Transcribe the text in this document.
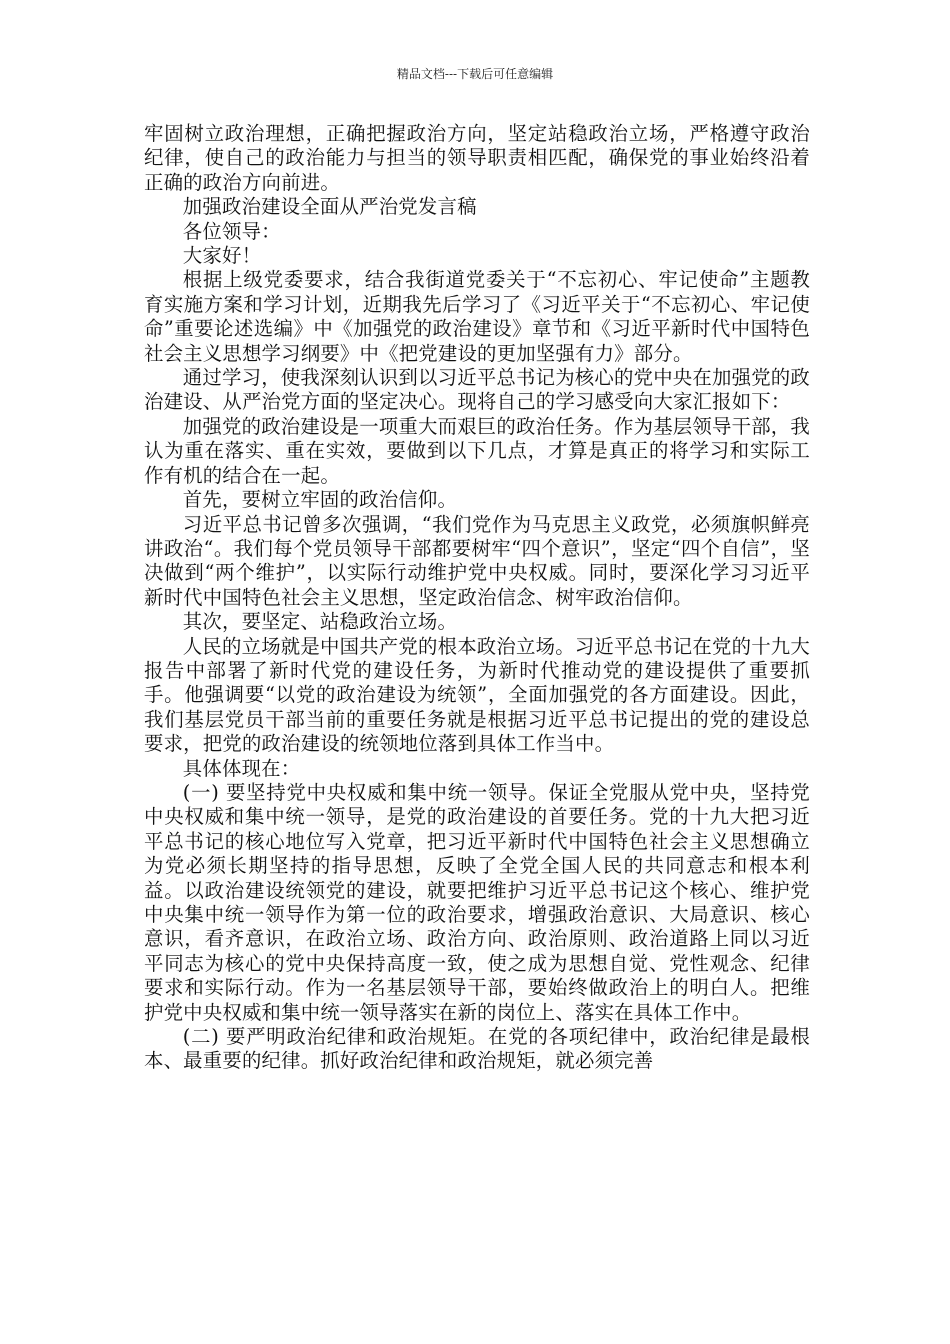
精品文档---下载后可任意编辑

牢固树立政治理想，正确把握政治方向，坚定站稳政治立场，严格遵守政治纪律，使自己的政治能力与担当的领导职责相匹配，确保党的事业始终沿着正确的政治方向前进。

加强政治建设全面从严治党发言稿

各位领导：

大家好！

根据上级党委要求，结合我街道党委关于“不忘初心、牢记使命”主题教育实施方案和学习计划，近期我先后学习了《习近平关于“不忘初心、牢记使命”重要论述选编》中《加强党的政治建设》章节和《习近平新时代中国特色社会主义思想学习纲要》中《把党建设的更加坚强有力》部分。

通过学习，使我深刻认识到以习近平总书记为核心的党中央在加强党的政治建设、从严治党方面的坚定决心。现将自己的学习感受向大家汇报如下：

加强党的政治建设是一项重大而艰巨的政治任务。作为基层领导干部，我认为重在落实、重在实效，要做到以下几点，才算是真正的将学习和实际工作有机的结合在一起。

首先，要树立牢固的政治信仰。

习近平总书记曾多次强调，“我们党作为马克思主义政党，必须旗帜鲜亮讲政治“。我们每个党员领导干部都要树牢“四个意识”，坚定“四个自信”，坚决做到“两个维护”，以实际行动维护党中央权威。同时，要深化学习习近平新时代中国特色社会主义思想，坚定政治信念、树牢政治信仰。

其次，要坚定、站稳政治立场。

人民的立场就是中国共产党的根本政治立场。习近平总书记在党的十九大报告中部署了新时代党的建设任务，为新时代推动党的建设提供了重要抓手。他强调要“以党的政治建设为统领”，全面加强党的各方面建设。因此，我们基层党员干部当前的重要任务就是根据习近平总书记提出的党的建设总要求，把党的政治建设的统领地位落到具体工作当中。

具体体现在：

(一) 要坚持党中央权威和集中统一领导。保证全党服从党中央，坚持党中央权威和集中统一领导，是党的政治建设的首要任务。党的十九大把习近平总书记的核心地位写入党章，把习近平新时代中国特色社会主义思想确立为党必须长期坚持的指导思想，反映了全党全国人民的共同意志和根本利益。以政治建设统领党的建设，就要把维护习近平总书记这个核心、维护党中央集中统一领导作为第一位的政治要求，增强政治意识、大局意识、核心意识，看齐意识，在政治立场、政治方向、政治原则、政治道路上同以习近平同志为核心的党中央保持高度一致，使之成为思想自觉、党性观念、纪律要求和实际行动。作为一名基层领导干部，要始终做政治上的明白人。把维护党中央权威和集中统一领导落实在新的岗位上、落实在具体工作中。

(二) 要严明政治纪律和政治规矩。在党的各项纪律中，政治纪律是最根本、最重要的纪律。抓好政治纪律和政治规矩，就必须完善
